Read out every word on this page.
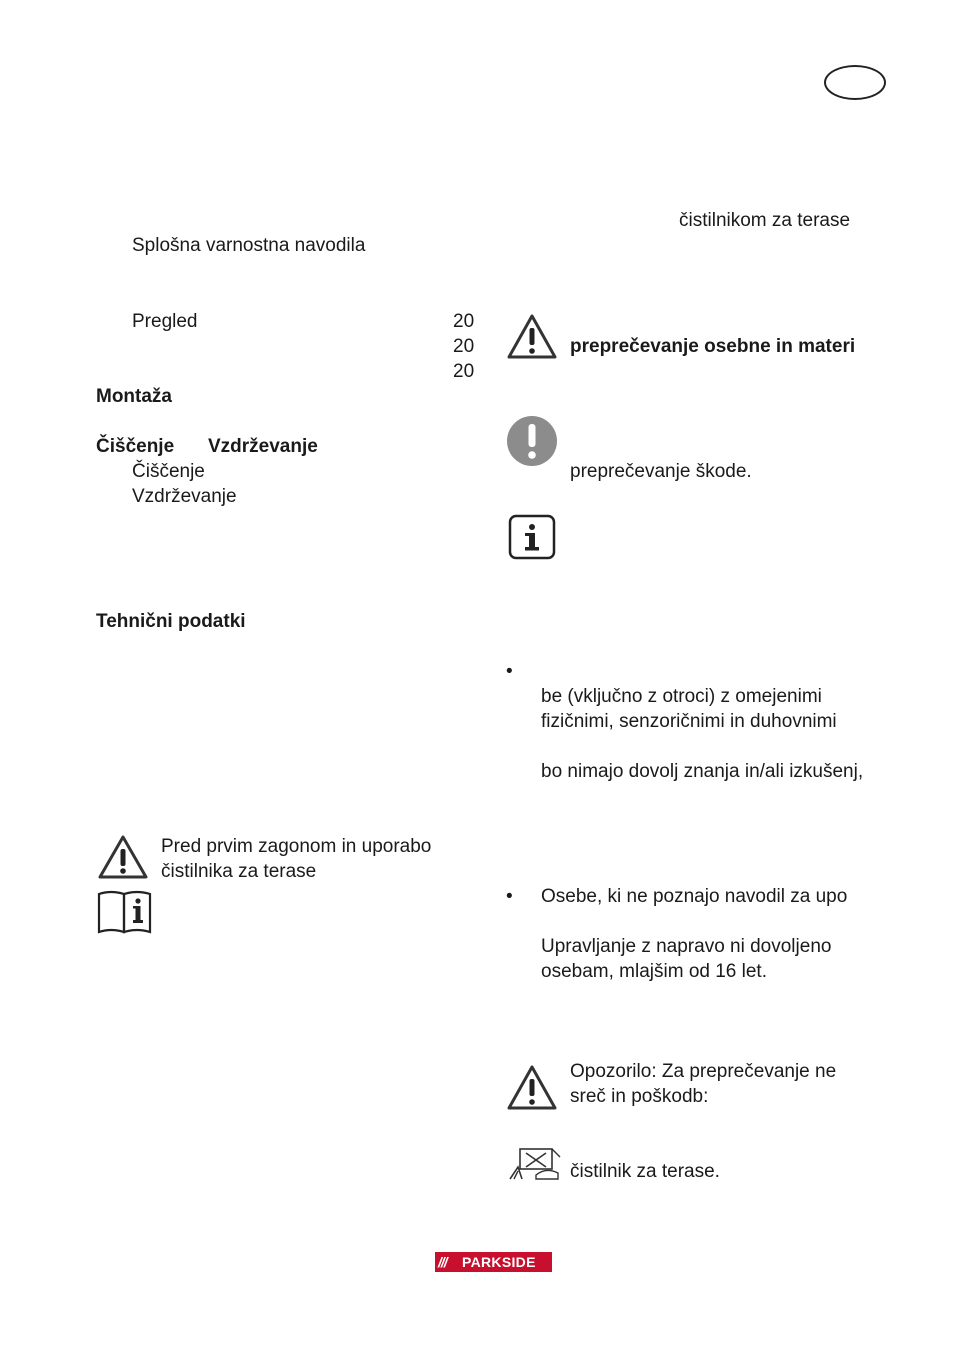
Splošna varnostna navodila
Pregled	20
20
20
Montaža
Čiščenje Vzdrževanje
Čiščenje
Vzdrževanje
Tehnični podatki
Pred prvim zagonom in uporabo
čistilnika za terase
čistilnikom za terase
preprečevanje osebne in materi
preprečevanje škode.
•
be (vključno z otroci) z omejenimi
fizičnimi, senzoričnimi in duhovnimi
bo nimajo dovolj znanja in/ali izkušenj,
• Osebe, ki ne poznajo navodil za upo
Upravljanje z napravo ni dovoljeno
osebam, mlajšim od 16 let.
Opozorilo: Za preprečevanje ne
sreč in poškodb:
čistilnik za terase.
///	PARKSIDE
